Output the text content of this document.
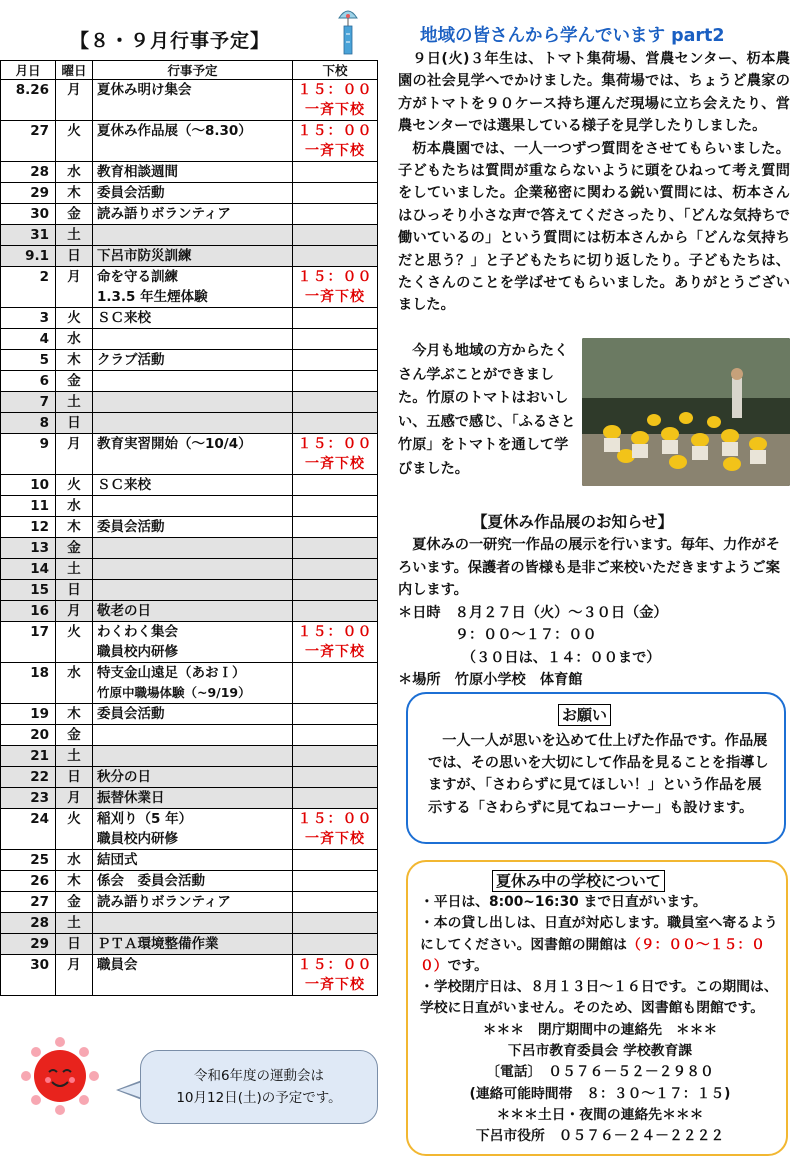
【８・９月行事予定】
月日	曜日	行事予定	下校
8.26	月	夏休み明け集会	１５：００
一斉下校

27	火	夏休み作品展（～8.30）	１５：００
一斉下校

28	水	教育相談週間	

29	木	委員会活動	

30	金	読み語りボランティア	

31	土	

9.1	日	下呂市防災訓練	

2	月	命を守る訓練
1.3.5 年生煙体験	１５：００
一斉下校

3	火	ＳＣ来校	

4	水	

5	木	クラブ活動	

6	金	

7	土	

8	日	

9	月	教育実習開始（～10/4）	１５：００
一斉下校

10	火	ＳＣ来校	

11	水	

12	木	委員会活動	

13	金	

14	土	

15	日	

16	月	敬老の日	

17	火	わくわく集会
職員校内研修	１５：００
一斉下校

18	水	特支金山遠足（あおＩ）
竹原中職場体験（~9/19）	

19	木	委員会活動	

20	金	

21	土	

22	日	秋分の日	

23	月	振替休業日	

24	火	稲刈り（5 年）
職員校内研修	１５：００
一斉下校

25	水	結団式	

26	木	係会　委員会活動	

27	金	読み語りボランティア	

28	土	

29	日	ＰＴＡ環境整備作業	

30	月	職員会	１５：００
一斉下校
令和6年度の運動会は
10月12日(土)の予定です。
地域の皆さんから学んでいます part2

９日(火)３年生は、トマト集荷場、営農センター、杤本農園の社会見学へでかけました。集荷場では、ちょうど農家の方がトマトを９０ケース持ち運んだ現場に立ち会えたり、営農センターでは選果している様子を見学したりしました。

杤本農園では、一人一つずつ質問をさせてもらいました。子どもたちは質問が重ならないように頭をひねって考え質問をしていました。企業秘密に関わる鋭い質問には、杤本さんはひっそり小さな声で答えてくださったり、「どんな気持ちで働いているの」という質問には杤本さんから「どんな気持ちだと思う？」と子どもたちに切り返したり。子どもたちは、たくさんのことを学ばせてもらいました。ありがとうございました。

　今月も地域の方からたくさん学ぶことができました。竹原のトマトはおいしい、五感で感じ、「ふるさと竹原」をトマトを通して学びました。

【夏休み作品展のお知らせ】

　夏休みの一研究一作品の展示を行います。毎年、力作がそろいます。保護者の皆様も是非ご来校いただきますようご案内します。

＊日時　８月２７日（火）～３０日（金）

　　　　９：００～１７：００

　　　　　（３０日は、１４：００まで）

＊場所　竹原小学校　体育館

お願い

一人一人が思いを込めて仕上げた作品です。作品展では、その思いを大切にして作品を見ることを指導しますが、「さわらずに見てほしい！」という作品を展示する「さわらずに見てねコーナー」も設けます。

夏休み中の学校について

・平日は、8:00~16:30 まで日直がいます。

・本の貸し出しは、日直が対応します。職員室へ寄るようにしてください。図書館の開館は（９：００～１５：００）です。

・学校閉庁日は、８月１３日～１６日です。この期間は、学校に日直がいません。そのため、図書館も閉館です。

＊＊＊　閉庁期間中の連絡先　＊＊＊

下呂市教育委員会 学校教育課

〔電話〕　０５７６－５２－２９８０

(連絡可能時間帯　８：３０～１７：１５)

＊＊＊土日・夜間の連絡先＊＊＊

下呂市役所　０５７６－２４－２２２２
